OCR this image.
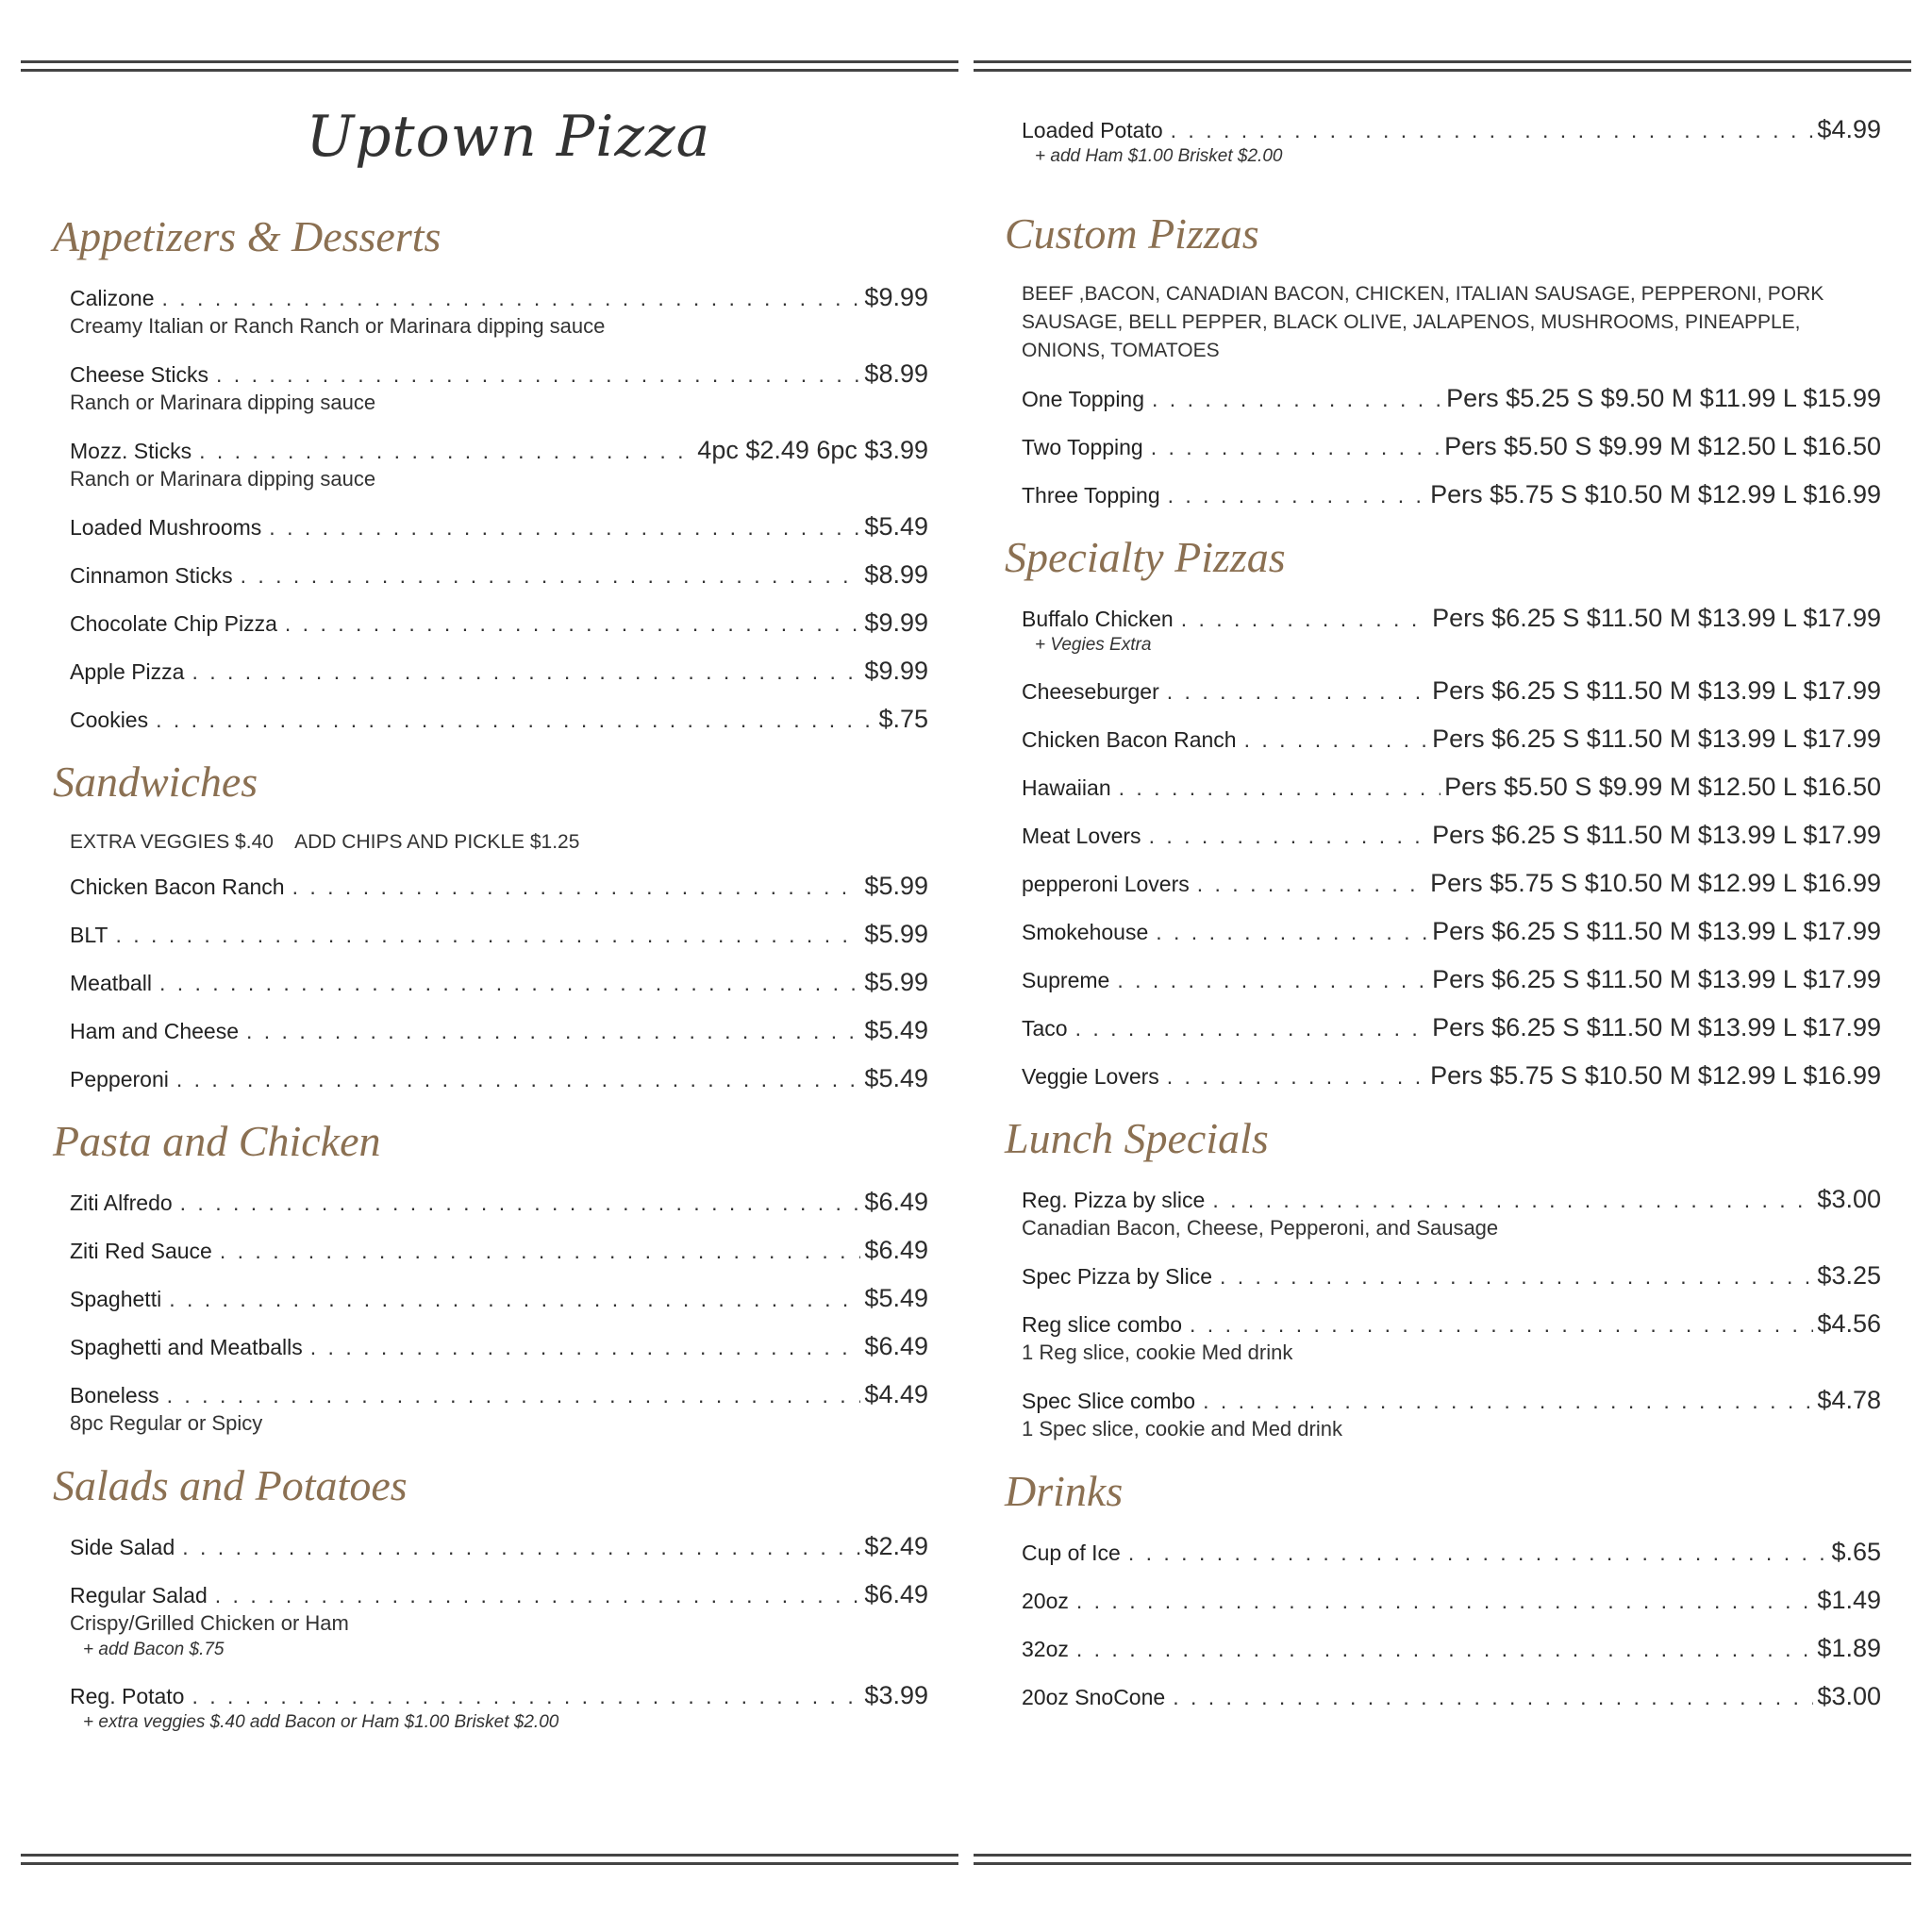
Uptown Pizza
Appetizers & Desserts
Calizone . . .	$9.99
Creamy Italian or Ranch Ranch or Marinara dipping sauce
Cheese Sticks . . .	$8.99
Ranch or Marinara dipping sauce
Mozz. Sticks . . .	4pc $2.49 6pc $3.99
Ranch or Marinara dipping sauce
Loaded Mushrooms . . .	$5.49
Cinnamon Sticks . . .	$8.99
Chocolate Chip Pizza . . .	$9.99
Apple Pizza . . .	$9.99
Cookies . . .	$.75
Sandwiches
EXTRA VEGGIES $.40    ADD CHIPS AND PICKLE $1.25
Chicken Bacon Ranch . . .	$5.99
BLT . . .	$5.99
Meatball . . .	$5.99
Ham and Cheese . . .	$5.49
Pepperoni . . .	$5.49
Pasta and Chicken
Ziti Alfredo . . .	$6.49
Ziti Red Sauce . . .	$6.49
Spaghetti . . .	$5.49
Spaghetti and Meatballs . . .	$6.49
Boneless . . .	$4.49
8pc Regular or Spicy
Salads and Potatoes
Side Salad . . .	$2.49
Regular Salad . . .	$6.49
Crispy/Grilled Chicken or Ham
+ add Bacon $.75
Reg. Potato . . .	$3.99
+ extra veggies $.40 add Bacon or Ham $1.00 Brisket $2.00
Loaded Potato . . .	$4.99
+ add Ham $1.00 Brisket $2.00
Custom Pizzas
BEEF ,BACON, CANADIAN BACON, CHICKEN, ITALIAN SAUSAGE, PEPPERONI, PORK SAUSAGE, BELL PEPPER, BLACK OLIVE, JALAPENOS, MUSHROOMS, PINEAPPLE, ONIONS, TOMATOES
One Topping . . .	Pers $5.25 S $9.50 M $11.99 L $15.99
Two Topping . . .	Pers $5.50 S $9.99 M $12.50 L $16.50
Three Topping . . .	Pers $5.75 S $10.50 M $12.99 L $16.99
Specialty Pizzas
Buffalo Chicken . . .	Pers $6.25 S $11.50 M $13.99 L $17.99
+ Vegies Extra
Cheeseburger . . .	Pers $6.25 S $11.50 M $13.99 L $17.99
Chicken Bacon Ranch . . .	Pers $6.25 S $11.50 M $13.99 L $17.99
Hawaiian . . .	Pers $5.50 S $9.99 M $12.50 L $16.50
Meat Lovers . . .	Pers $6.25 S $11.50 M $13.99 L $17.99
pepperoni Lovers . . .	Pers $5.75 S $10.50 M $12.99 L $16.99
Smokehouse . . .	Pers $6.25 S $11.50 M $13.99 L $17.99
Supreme . . .	Pers $6.25 S $11.50 M $13.99 L $17.99
Taco . . .	Pers $6.25 S $11.50 M $13.99 L $17.99
Veggie Lovers . . .	Pers $5.75 S $10.50 M $12.99 L $16.99
Lunch Specials
Reg. Pizza by slice . . .	$3.00
Canadian Bacon, Cheese, Pepperoni, and Sausage
Spec Pizza by Slice . . .	$3.25
Reg slice combo . . .	$4.56
1 Reg slice, cookie Med drink
Spec Slice combo . . .	$4.78
1 Spec slice, cookie and Med drink
Drinks
Cup of Ice . . .	$.65
20oz . . .	$1.49
32oz . . .	$1.89
20oz SnoCone . . .	$3.00
